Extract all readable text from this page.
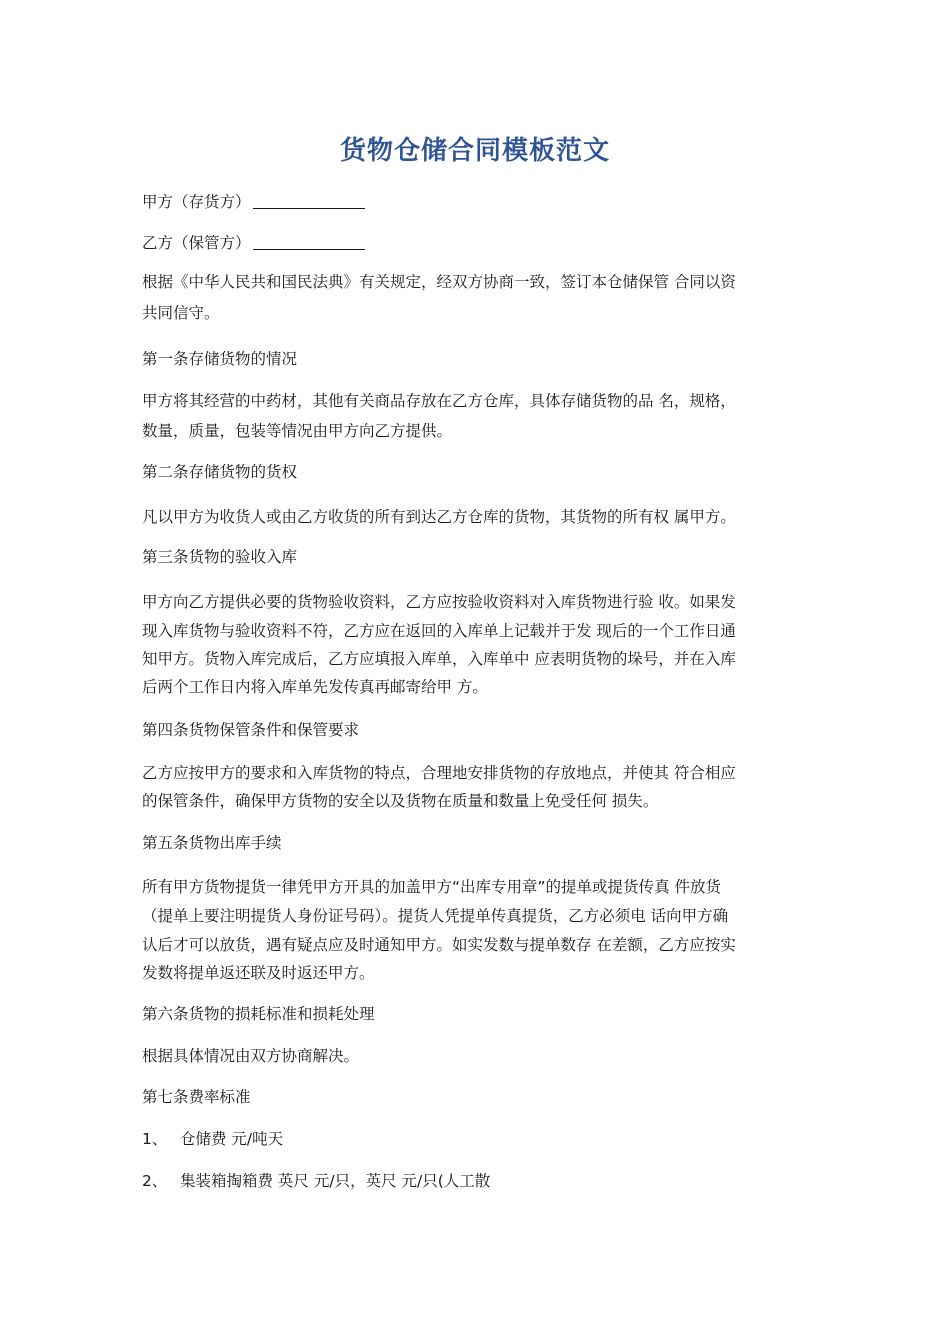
货物仓储合同模板范文
甲方（存货方）
乙方（保管方）
根据《中华人民共和国民法典》有关规定，经双方协商一致，签订本仓储保管 合同以资
共同信守。
第一条存储货物的情况
甲方将其经营的中药材，其他有关商品存放在乙方仓库，具体存储货物的品 名，规格，
数量，质量，包装等情况由甲方向乙方提供。
第二条存储货物的货权
凡以甲方为收货人或由乙方收货的所有到达乙方仓库的货物，其货物的所有权 属甲方。
第三条货物的验收入库
甲方向乙方提供必要的货物验收资料，乙方应按验收资料对入库货物进行验 收。如果发
现入库货物与验收资料不符，乙方应在返回的入库单上记载并于发 现后的一个工作日通
知甲方。货物入库完成后，乙方应填报入库单，入库单中 应表明货物的垛号，并在入库
后两个工作日内将入库单先发传真再邮寄给甲 方。
第四条货物保管条件和保管要求
乙方应按甲方的要求和入库货物的特点，合理地安排货物的存放地点，并使其 符合相应
的保管条件，确保甲方货物的安全以及货物在质量和数量上免受任何 损失。
第五条货物出库手续
所有甲方货物提货一律凭甲方开具的加盖甲方“出库专用章”的提单或提货传真 件放货
（提单上要注明提货人身份证号码）。提货人凭提单传真提货，乙方必须电 话向甲方确
认后才可以放货，遇有疑点应及时通知甲方。如实发数与提单数存 在差额，乙方应按实
发数将提单返还联及时返还甲方。
第六条货物的损耗标准和损耗处理
根据具体情况由双方协商解决。
第七条费率标准
1、 仓储费 元/吨天
2、 集装箱掏箱费 英尺 元/只，英尺 元/只(人工散
